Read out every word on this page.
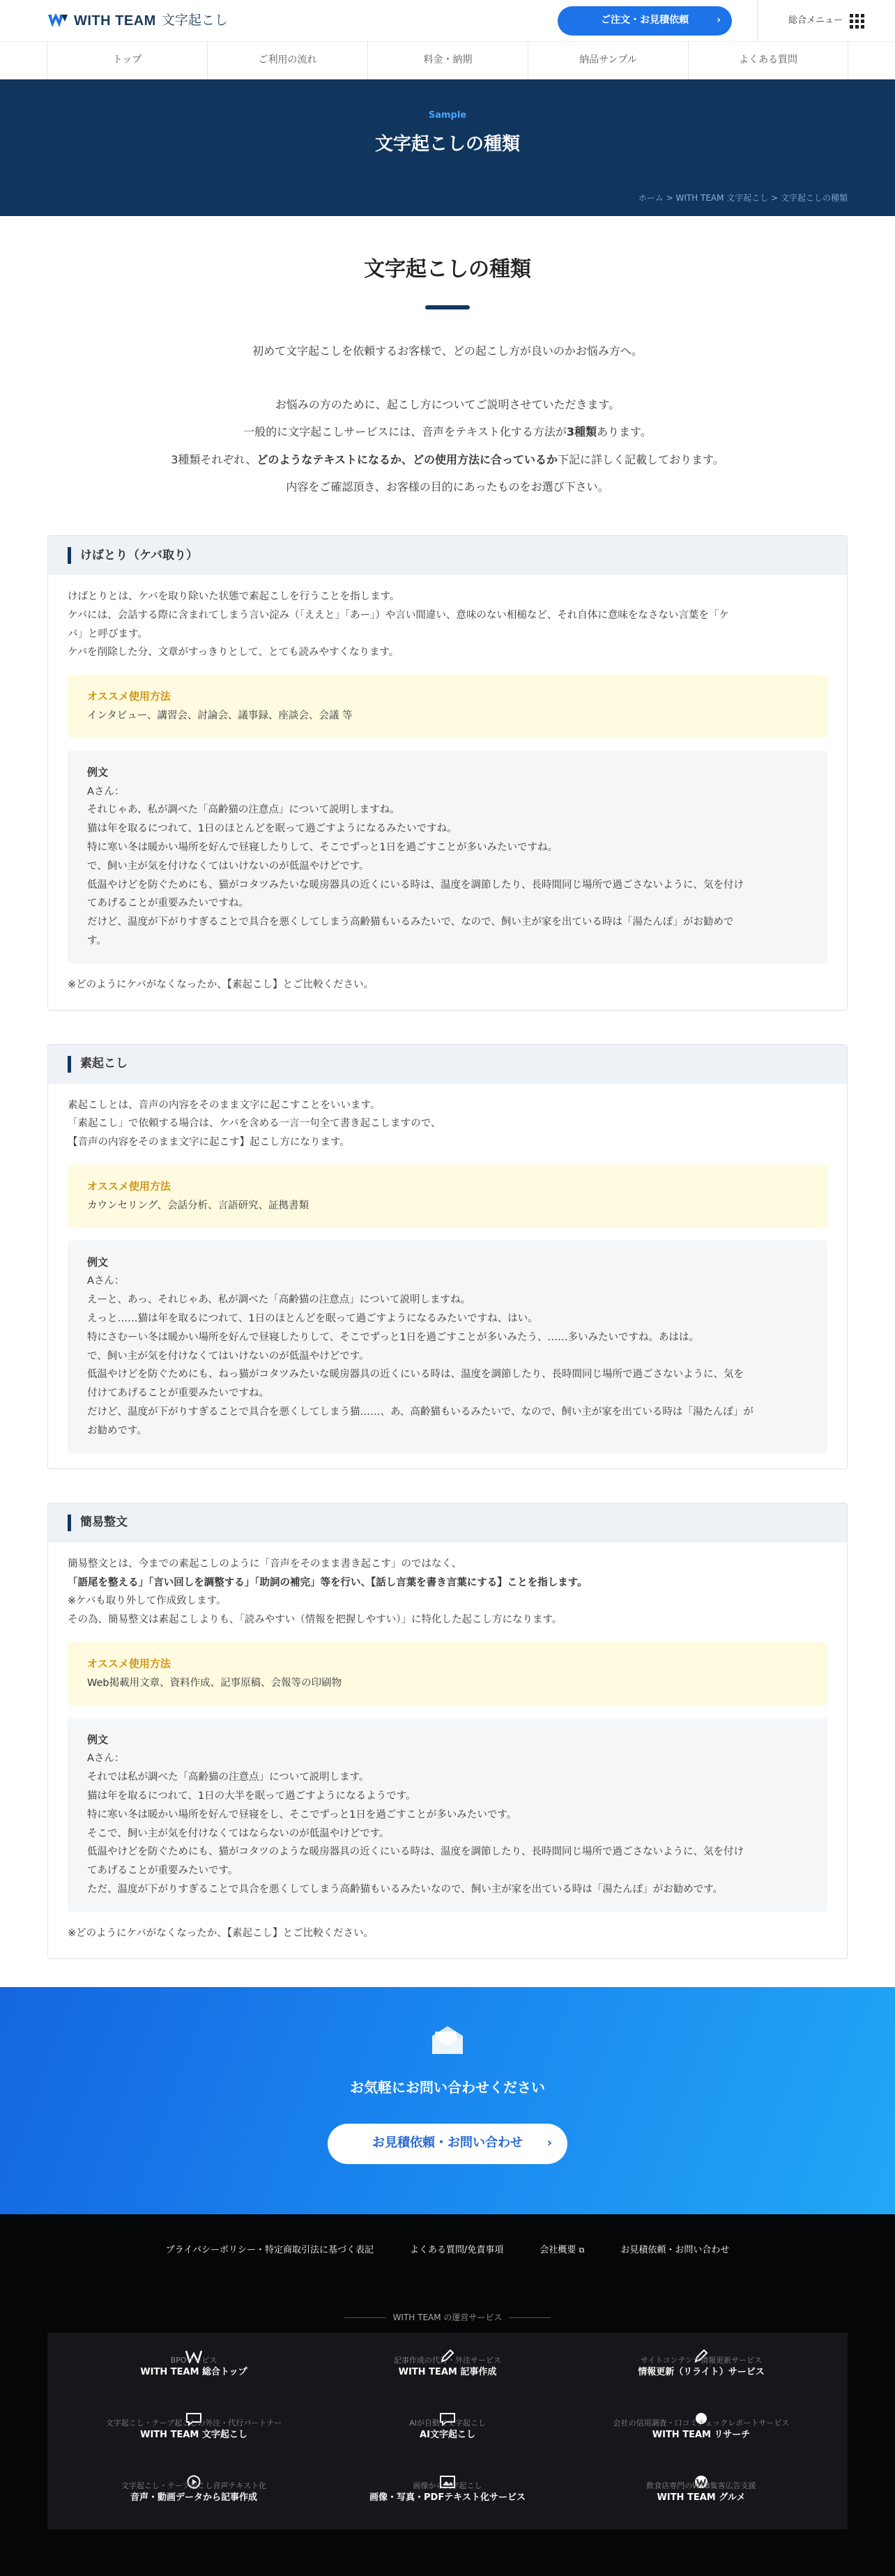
WITH TEAM 文字起こし	ご注文・お見積依頼	›	総合メニュー
トップ	ご利用の流れ	料金・納期	納品サンプル	よくある質問
Sample
文字起こしの種類
ホーム > WITH TEAM 文字起こし > 文字起こしの種類
文字起こしの種類

初めて文字起こしを依頼するお客様で、どの起こし方が良いのかお悩み方へ。

お悩みの方のために、起こし方についてご説明させていただきます。

一般的に文字起こしサービスには、音声をテキスト化する方法が3種類あります。

3種類それぞれ、どのようなテキストになるか、どの使用方法に合っているか下記に詳しく記載しております。

内容をご確認頂き、お客様の目的にあったものをお選び下さい。

けばとり（ケバ取り）

けばとりとは、ケバを取り除いた状態で素起こしを行うことを指します。

ケバには、会話する際に含まれてしまう言い淀み（「ええと」「あー」）や言い間違い、意味のない相槌など、それ自体に意味をなさない言葉を「ケ

バ」と呼びます。

ケバを削除した分、文章がすっきりとして、とても読みやすくなります。

オススメ使用方法
インタビュー、講習会、討論会、議事録、座談会、会議 等
例文

Aさん：

それじゃあ、私が調べた「高齢猫の注意点」について説明しますね。

猫は年を取るにつれて、1日のほとんどを眠って過ごすようになるみたいですね。

特に寒い冬は暖かい場所を好んで昼寝したりして、そこでずっと1日を過ごすことが多いみたいですね。

で、飼い主が気を付けなくてはいけないのが低温やけどです。

低温やけどを防ぐためにも、猫がコタツみたいな暖房器具の近くにいる時は、温度を調節したり、長時間同じ場所で過ごさないように、気を付け

てあげることが重要みたいですね。

だけど、温度が下がりすぎることで具合を悪くしてしまう高齢猫もいるみたいで、なので、飼い主が家を出ている時は「湯たんぽ」がお勧めで

す。

※どのようにケバがなくなったか、【素起こし】とご比較ください。

素起こし

素起こしとは、音声の内容をそのまま文字に起こすことをいいます。

「素起こし」で依頼する場合は、ケバを含める一言一句全て書き起こしますので、

【音声の内容をそのまま文字に起こす】起こし方になります。

オススメ使用方法
カウンセリング、会話分析、言語研究、証拠書類
例文

Aさん：

えーと、あっ、それじゃあ、私が調べた「高齢猫の注意点」について説明しますね。

えっと……猫は年を取るにつれて、1日のほとんどを眠って過ごすようになるみたいですね、はい。

特にさむーい冬は暖かい場所を好んで昼寝したりして、そこでずっと1日を過ごすことが多いみたう、……多いみたいですね。あはは。

で、飼い主が気を付けなくてはいけないのが低温やけどです。

低温やけどを防ぐためにも、ねっ猫がコタツみたいな暖房器具の近くにいる時は、温度を調節したり、長時間同じ場所で過ごさないように、気を

付けてあげることが重要みたいですね。

だけど、温度が下がりすぎることで具合を悪くしてしまう猫……、あ、高齢猫もいるみたいで、なので、飼い主が家を出ている時は「湯たんぽ」が

お勧めです。

簡易整文

簡易整文とは、今までの素起こしのように「音声をそのまま書き起こす」のではなく、

「語尾を整える」「言い回しを調整する」「助詞の補完」等を行い、【話し言葉を書き言葉にする】ことを指します。

※ケバも取り外して作成致します。

その為、簡易整文は素起こしよりも、「読みやすい（情報を把握しやすい）」に特化した起こし方になります。

オススメ使用方法
Web掲載用文章、資料作成、記事原稿、会報等の印刷物
例文

Aさん：

それでは私が調べた「高齢猫の注意点」について説明します。

猫は年を取るにつれて、1日の大半を眠って過ごすようになるようです。

特に寒い冬は暖かい場所を好んで昼寝をし、そこでずっと1日を過ごすことが多いみたいです。

そこで、飼い主が気を付けなくてはならないのが低温やけどです。

低温やけどを防ぐためにも、猫がコタツのような暖房器具の近くにいる時は、温度を調節したり、長時間同じ場所で過ごさないように、気を付け

てあげることが重要みたいです。

ただ、温度が下がりすぎることで具合を悪くしてしまう高齢猫もいるみたいなので、飼い主が家を出ている時は「湯たんぽ」がお勧めです。

※どのようにケバがなくなったか、【素起こし】とご比較ください。

お気軽にお問い合わせください
お見積依頼・お問い合わせ ›
プライバシーポリシー・特定商取引法に基づく表記	よくある質問/免責事項	会社概要 ⧉	お見積依頼・お問い合わせ
WITH TEAM の運営サービス
BPOサービス
WITH TEAM 総合トップ
記事作成の代行・外注サービス
WITH TEAM 記事作成
サイトコンテンツ情報更新サービス
情報更新（リライト）サービス
文字起こし・テープ起こしの外注・代行パートナー
WITH TEAM 文字起こし
AIが自動で文字起こし
AI文字起こし
会社の信用調査・口コミチェックレポートサービス
WITH TEAM リサーチ
文字起こし・テープ起こし音声テキスト化
音声・動画データから記事作成
画像から文字起こし
画像・写真・PDFテキスト化サービス
飲食店専門のWEB集客広告支援
WITH TEAM グルメ
